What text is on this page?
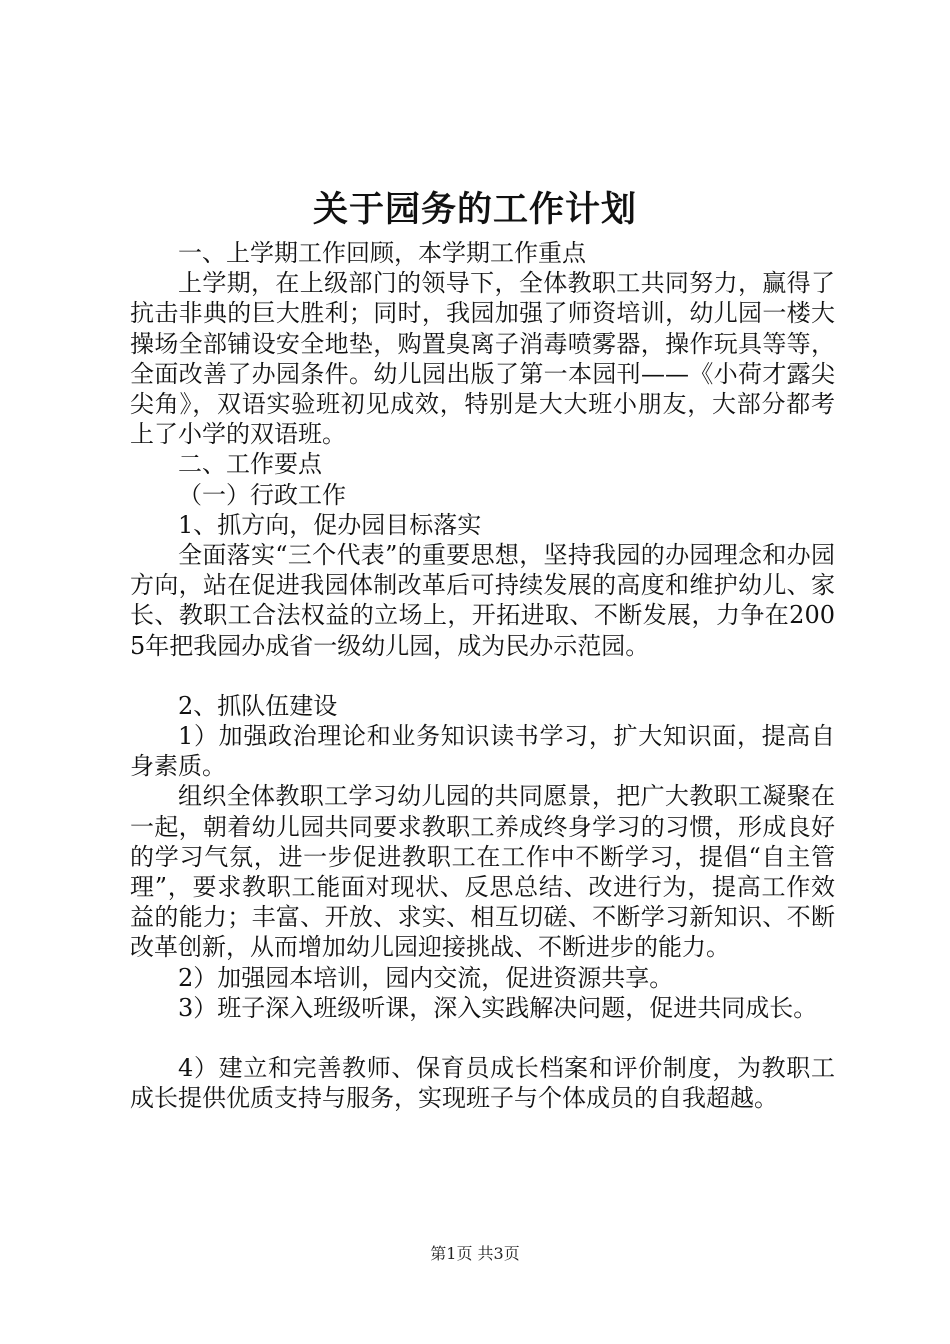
关于园务的工作计划

一、上学期工作回顾，本学期工作重点

上学期，在上级部门的领导下，全体教职工共同努力，赢得了抗击非典的巨大胜利；同时，我园加强了师资培训，幼儿园一楼大操场全部铺设安全地垫，购置臭离子消毒喷雾器，操作玩具等等，全面改善了办园条件。幼儿园出版了第一本园刊——《小荷才露尖尖角》，双语实验班初见成效，特别是大大班小朋友，大部分都考上了小学的双语班。

二、工作要点

（一）行政工作

1、抓方向，促办园目标落实

全面落实“三个代表”的重要思想，坚持我园的办园理念和办园方向，站在促进我园体制改革后可持续发展的高度和维护幼儿、家长、教职工合法权益的立场上，开拓进取、不断发展，力争在2005年把我园办成省一级幼儿园，成为民办示范园。

2、抓队伍建设

1）加强政治理论和业务知识读书学习，扩大知识面，提高自身素质。

组织全体教职工学习幼儿园的共同愿景，把广大教职工凝聚在一起，朝着幼儿园共同要求教职工养成终身学习的习惯，形成良好的学习气氛，进一步促进教职工在工作中不断学习，提倡“自主管理”，要求教职工能面对现状、反思总结、改进行为，提高工作效益的能力；丰富、开放、求实、相互切磋、不断学习新知识、不断改革创新，从而增加幼儿园迎接挑战、不断进步的能力。

2）加强园本培训，园内交流，促进资源共享。

3）班子深入班级听课，深入实践解决问题，促进共同成长。

4）建立和完善教师、保育员成长档案和评价制度，为教职工成长提供优质支持与服务，实现班子与个体成员的自我超越。

第1页 共3页
